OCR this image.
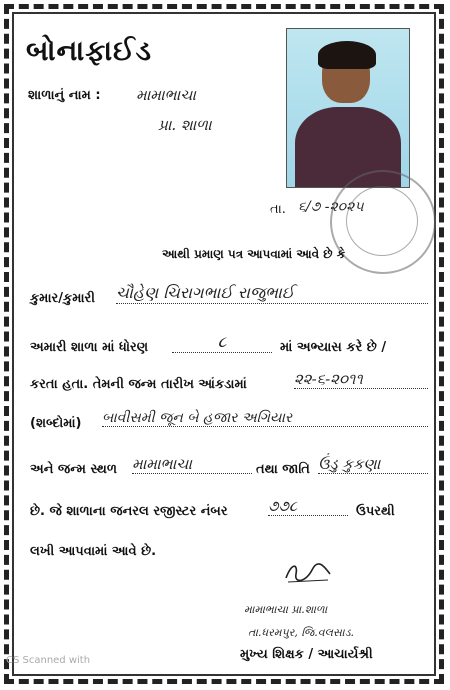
બોનાફાઈડ
શાળાનું નામ : મામાભાચા
પ્રા. શાળા
તા. ૬/૭ -૨૦૨૫
આથી પ્રમાણ પત્ર આપવામાં આવે છે કે
કુમાર/કુમારી ચૌહેણ ચિરાગભાઈ રાજુભાઈ
અમારી શાળા માં ધોરણ	૮	માં અભ્યાસ કરે છે /
કરતા હતા. તેમની જન્મ તારીખ આંકડામાં	૨૨-૬-૨૦૧૧
(શબ્દોમાં) બાવીસમી જૂન બે હજાર અગિયાર
અને જન્મ સ્થળ મામાભાચા	તથા જાતિ ઉંડુ કુકણા
છે. જે શાળાના જનરલ રજીસ્ટર નંબર	૭૭૮	ઉપરથી
લખી આપવામાં આવે છે.
મામાભાચા પ્રા.શાળા
તા.ધરમપુર, જિ.વલસાડ.
મુખ્ય શિક્ષક / આચાર્યશ્રી
CS Scanned with
